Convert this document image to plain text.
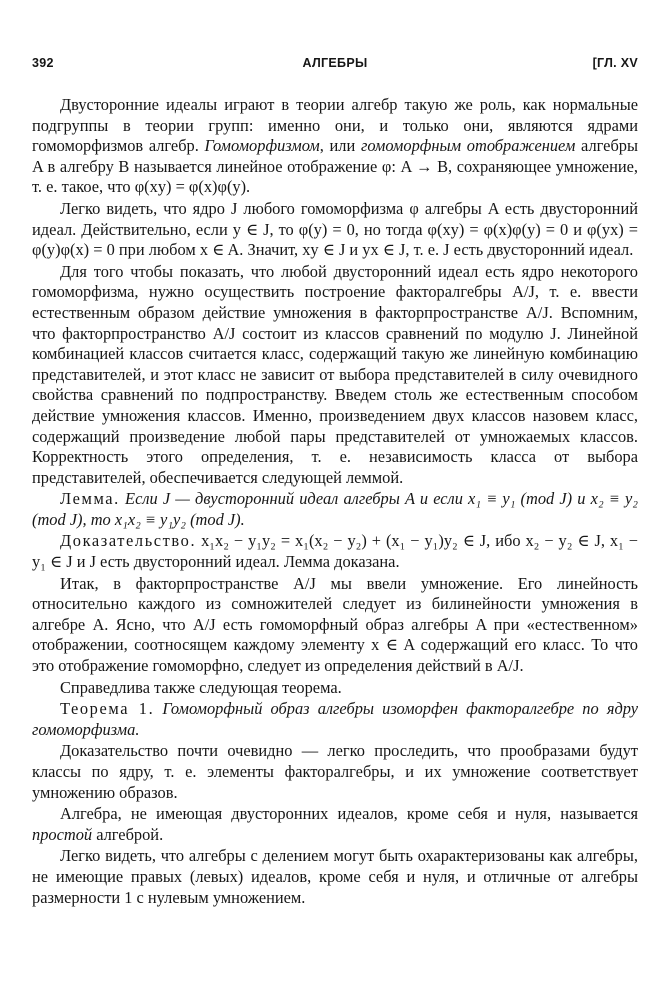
392	АЛГЕБРЫ	[ГЛ. XV

Двусторонние идеалы играют в теории алгебр такую же роль, как нормальные подгруппы в теории групп: именно они, и только они, являются ядрами гомоморфизмов алгебр. Гомоморфизмом, или гомоморфным отображением алгебры A в алгебру B называется линейное отображение φ: A → B, сохраняющее умножение, т. е. такое, что φ(xy) = φ(x)φ(y).

Легко видеть, что ядро J любого гомоморфизма φ алгебры A есть двусторонний идеал. Действительно, если y ∈ J, то φ(y) = 0, но тогда φ(xy) = φ(x)φ(y) = 0 и φ(yx) = φ(y)φ(x) = 0 при любом x ∈ A. Значит, xy ∈ J и yx ∈ J, т. е. J есть двусторонний идеал.

Для того чтобы показать, что любой двусторонний идеал есть ядро некоторого гомоморфизма, нужно осуществить построение факторалгебры A/J, т. е. ввести естественным образом действие умножения в факторпространстве A/J. Вспомним, что факторпространство A/J состоит из классов сравнений по модулю J. Линейной комбинацией классов считается класс, содержащий такую же линейную комбинацию представителей, и этот класс не зависит от выбора представителей в силу очевидного свойства сравнений по подпространству. Введем столь же естественным способом действие умножения классов. Именно, произведением двух классов назовем класс, содержащий произведение любой пары представителей от умножаемых классов. Корректность этого определения, т. е. независимость класса от выбора представителей, обеспечивается следующей леммой.

Лемма. Если J — двусторонний идеал алгебры A и если x₁ ≡ y₁ (mod J) и x₂ ≡ y₂ (mod J), то x₁x₂ ≡ y₁y₂ (mod J).

Доказательство. x₁x₂ − y₁y₂ = x₁(x₂ − y₂) + (x₁ − y₁)y₂ ∈ J, ибо x₂ − y₂ ∈ J, x₁ − y₁ ∈ J и J есть двусторонний идеал. Лемма доказана.

Итак, в факторпространстве A/J мы ввели умножение. Его линейность относительно каждого из сомножителей следует из билинейности умножения в алгебре A. Ясно, что A/J есть гомоморфный образ алгебры A при «естественном» отображении, соотносящем каждому элементу x ∈ A содержащий его класс. То что это отображение гомоморфно, следует из определения действий в A/J.

Справедлива также следующая теорема.

Теорема 1. Гомоморфный образ алгебры изоморфен факторалгебре по ядру гомоморфизма.

Доказательство почти очевидно — легко проследить, что прообразами будут классы по ядру, т. е. элементы факторалгебры, и их умножение соответствует умножению образов.

Алгебра, не имеющая двусторонних идеалов, кроме себя и нуля, называется простой алгеброй.

Легко видеть, что алгебры с делением могут быть охарактеризованы как алгебры, не имеющие правых (левых) идеалов, кроме себя и нуля, и отличные от алгебры размерности 1 с нулевым умножением.
